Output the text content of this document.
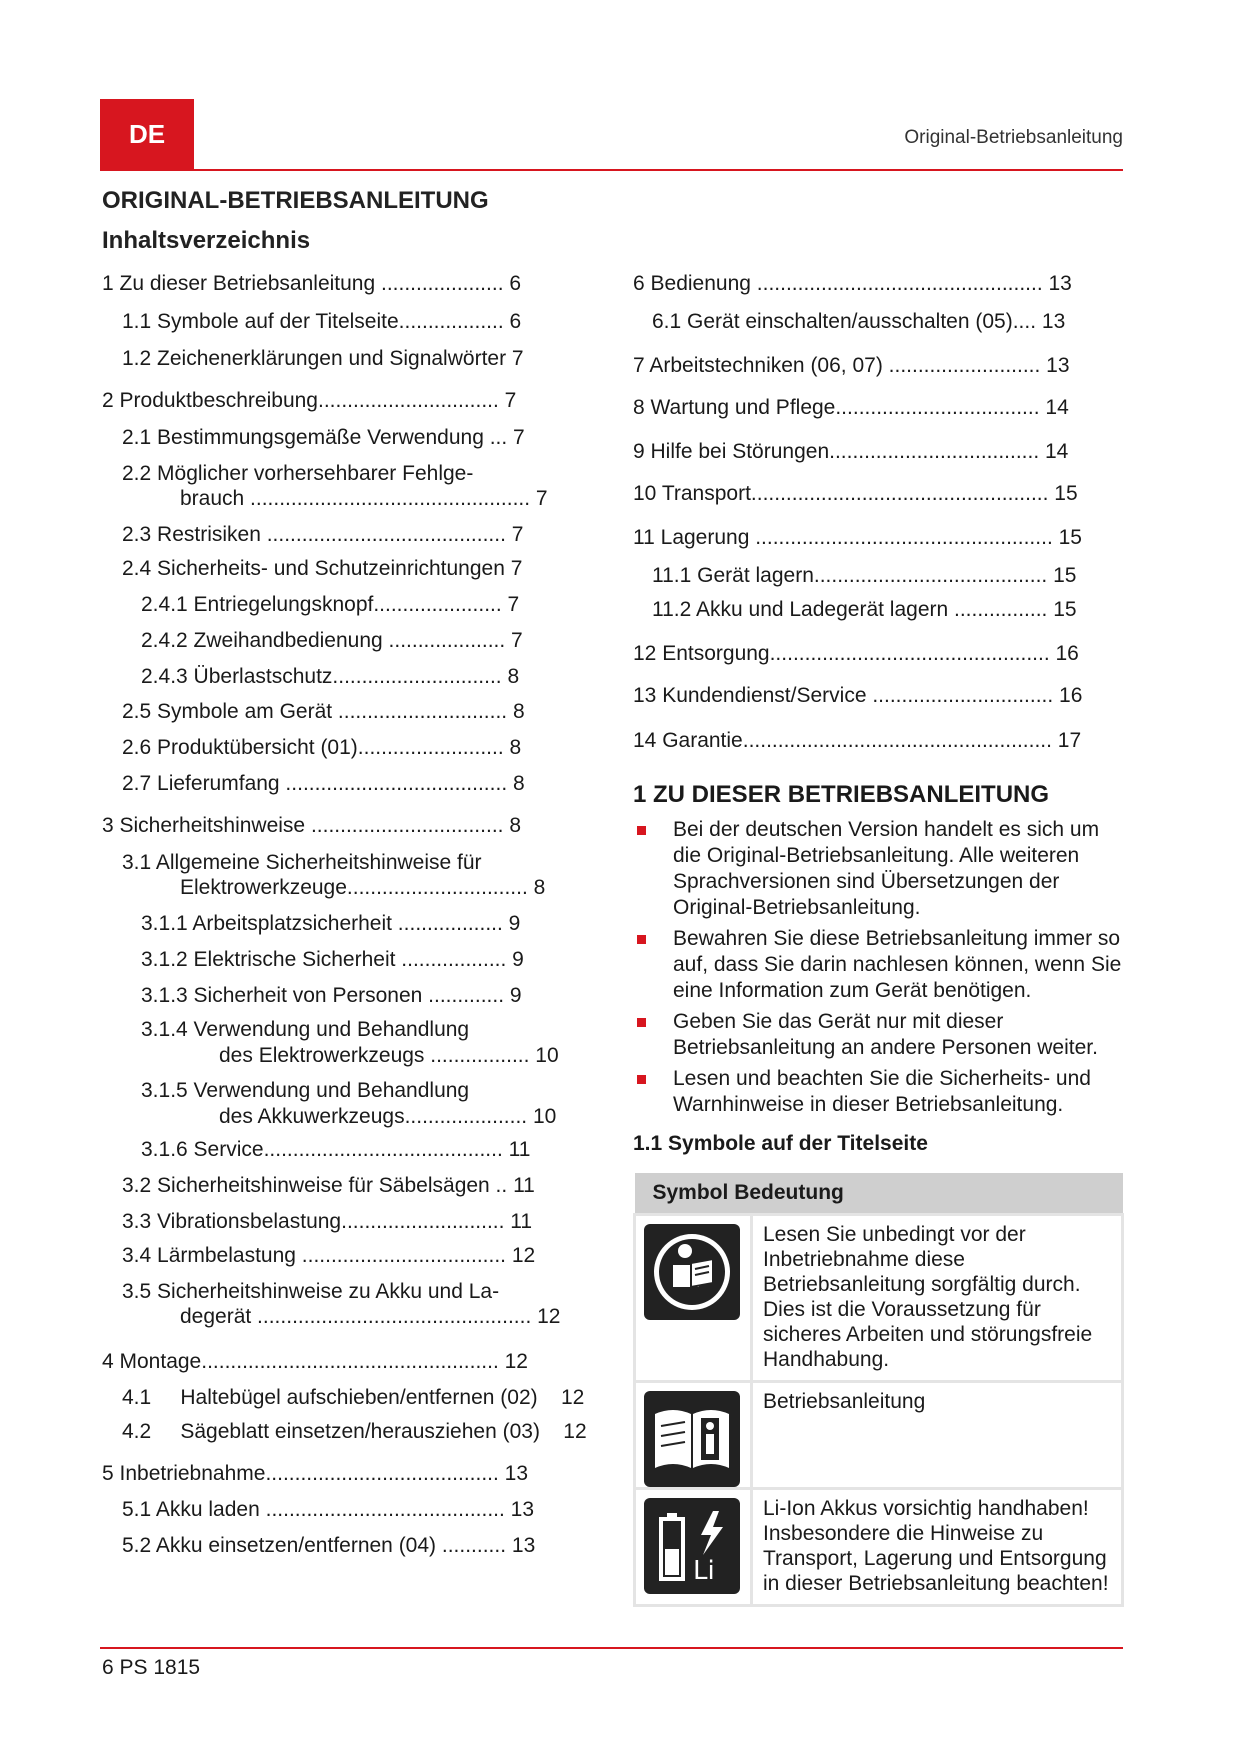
DE	Original-Betriebsanleitung
ORIGINAL-BETRIEBSANLEITUNG
Inhaltsverzeichnis
1 Zu dieser Betriebsanleitung ..................... 6
1.1 Symbole auf der Titelseite.................. 6
1.2 Zeichenerklärungen und Signalwörter 7
2 Produktbeschreibung............................... 7
2.1 Bestimmungsgemäße Verwendung ... 7
2.2 Möglicher vorhersehbarer Fehlge-
brauch ................................................ 7
2.3 Restrisiken ......................................... 7
2.4 Sicherheits- und Schutzeinrichtungen 7
2.4.1 Entriegelungsknopf...................... 7
2.4.2 Zweihandbedienung .................... 7
2.4.3 Überlastschutz............................. 8
2.5 Symbole am Gerät ............................. 8
2.6 Produktübersicht (01)......................... 8
2.7 Lieferumfang ...................................... 8
3 Sicherheitshinweise ................................. 8
3.1 Allgemeine Sicherheitshinweise für
Elektrowerkzeuge............................... 8
3.1.1 Arbeitsplatzsicherheit .................. 9
3.1.2 Elektrische Sicherheit .................. 9
3.1.3 Sicherheit von Personen ............. 9
3.1.4 Verwendung und Behandlung
des Elektrowerkzeugs ................. 10
3.1.5 Verwendung und Behandlung
des Akkuwerkzeugs..................... 10
3.1.6 Service......................................... 11
3.2 Sicherheitshinweise für Säbelsägen .. 11
3.3 Vibrationsbelastung............................ 11
3.4 Lärmbelastung ................................... 12
3.5 Sicherheitshinweise zu Akku und La-
degerät ............................................... 12
4 Montage................................................... 12
4.1     Haltebügel aufschieben/entfernen (02)    12
4.2     Sägeblatt einsetzen/herausziehen (03)    12
5 Inbetriebnahme........................................ 13
5.1 Akku laden ......................................... 13
5.2 Akku einsetzen/entfernen (04) ........... 13
6 Bedienung ................................................. 13
6.1 Gerät einschalten/ausschalten (05).... 13
7 Arbeitstechniken (06, 07) .......................... 13
8 Wartung und Pflege................................... 14
9 Hilfe bei Störungen.................................... 14
10 Transport................................................... 15
11 Lagerung ................................................... 15
11.1 Gerät lagern........................................ 15
11.2 Akku und Ladegerät lagern ................ 15
12 Entsorgung................................................ 16
13 Kundendienst/Service ............................... 16
14 Garantie..................................................... 17
1 ZU DIESER BETRIEBSANLEITUNG
Bei der deutschen Version handelt es sich um die Original-Betriebsanleitung. Alle weiteren Sprachversionen sind Übersetzungen der Original-Betriebsanleitung.
Bewahren Sie diese Betriebsanleitung immer so auf, dass Sie darin nachlesen können, wenn Sie eine Information zum Gerät benötigen.
Geben Sie das Gerät nur mit dieser Betriebsanleitung an andere Personen weiter.
Lesen und beachten Sie die Sicherheits- und Warnhinweise in dieser Betriebsanleitung.
1.1 Symbole auf der Titelseite
Symbol Bedeutung	

	Lesen Sie unbedingt vor der Inbetriebnahme diese Betriebsanleitung sorgfältig durch. Dies ist die Voraussetzung für sicheres Arbeiten und störungsfreie Handhabung.

	Betriebsanleitung

Li	Li-Ion Akkus vorsichtig handhaben! Insbesondere die Hinweise zu Transport, Lagerung und Entsorgung in dieser Betriebsanleitung beachten!
6 PS 1815
